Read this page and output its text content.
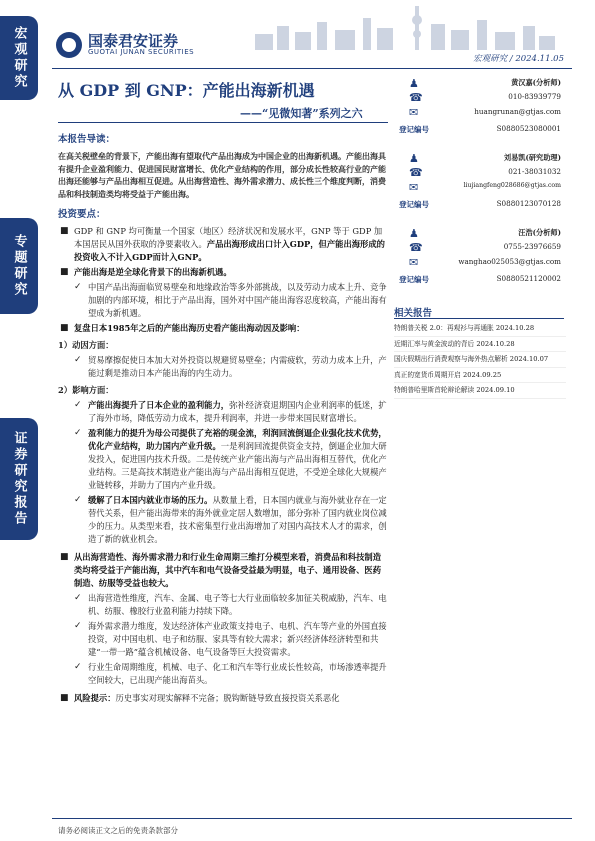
宏观研究
专题研究
证券研究报告
国泰君安证券
GUOTAI JUNAN SECURITIES
宏观研究 / 2024.11.05
从 GDP 到 GNP：产能出海新机遇
——“见微知著”系列之六
本报告导读：

在高关税壁垒的背景下，产能出海有望取代产品出海成为中国企业的出海新机遇。产能出海具有提升企业盈利能力、促进国民财富增长、优化产业结构的作用，部分成长性较高行业的产能出海还能够与产品出海相互促进。从出海营造性、海外需求潜力、成长性三个维度判断，消费品和科技制造类均将受益于产能出海。

投资要点：
■ GDP 和 GNP 均可衡量一个国家（地区）经济状况和发展水平，GNP 等于 GDP 加本国居民从国外获取的净要素收入。产品出海形成出口计入GDP，但产能出海形成的投资收入不计入GDP而计入GNP。
■ 产能出海是逆全球化背景下的出海新机遇。
✓ 中国产品出海面临贸易壁垒和地缘政治等多外部挑战，以及劳动力成本上升、竞争加剧的内部环境，相比于产品出海，国外对中国产能出海容忍度较高，产能出海有望成为新机遇。
■ 复盘日本1985年之后的产能出海历史看产能出海动因及影响：
1）动因方面：
✓ 贸易摩擦促使日本加大对外投资以规避贸易壁垒；内需疲软，劳动力成本上升，产能过剩是推动日本产能出海的内生动力。
2）影响方面：
✓ 产能出海提升了日本企业的盈利能力，弥补经济衰退期国内企业利润率的低迷，扩了海外市场，降低劳动力成本，提升利润率，并进一步带来国民财富增长。
✓ 盈利能力的提升为母公司提供了充裕的现金流，利润回流倒逼企业强化技术优势，优化产业结构，助力国内产业升级。一是利润回流提供资金支持，倒逼企业加大研发投入，促进国内技术升级。二是传统产业产能出海与产品出海相互替代，优化产业结构。三是高技术制造业产能出海与产品出海相互促进，不受逆全球化大规模产业链转移，并助力了国内产业升级。
✓ 缓解了日本国内就业市场的压力。从数量上看，日本国内就业与海外就业存在一定替代关系，但产能出海带来的海外就业定居人数增加，部分弥补了国内就业岗位减少的压力。从类型来看，技术密集型行业出海增加了对国内高技术人才的需求，创造了新的就业机会。
■ 从出海营造性、海外需求潜力和行业生命周期三维打分模型来看，消费品和科技制造类均将受益于产能出海，其中汽车和电气设备受益最为明显，电子、通用设备、医药制造、纺服等受益也较大。
✓ 出海营造性维度，汽车、金属、电子等七大行业面临较多加征关税威胁，汽车、电机、纺服、橡胶行业盈利能力持续下降。
✓ 海外需求潜力维度，发达经济体产业政策支持电子、电机、汽车等产业的外国直接投资，对中国电机、电子和纺服、家具等有较大需求；新兴经济体经济转型和共建“一带一路”蕴含机械设备、电气设备等巨大投资需求。
✓ 行业生命周期维度，机械、电子、化工和汽车等行业成长性较高，市场渗透率提升空间较大，已出现产能出海苗头。
■ 风险提示：历史事实对现实解释不完备；脱钩断链导致直接投资关系恶化
请务必阅读正文之后的免责条款部分
♟	黄汉嘉(分析师)
☎	010-83939779
✉	huangrunan@gtjas.com
登记编号	S0880523080001
♟	刘易凯(研究助理)
☎	021-38031032
✉	liujiangfeng028686@gtjas.com
登记编号	S0880123070128
♟	汪浩(分析师)
☎	0755-23976659
✉	wanghao025053@gtjas.com
登记编号	S0880521120002
相关报告
特朗普关税 2.0：再观衫与再通胀 2024.10.28
近期汇率与黄金波动的背后 2024.10.28
国庆假期出行消费观察与海外热点解析 2024.10.07
真正的宽货币周期开启 2024.09.25
特朗普哈里斯首轮辩论解读 2024.09.10
